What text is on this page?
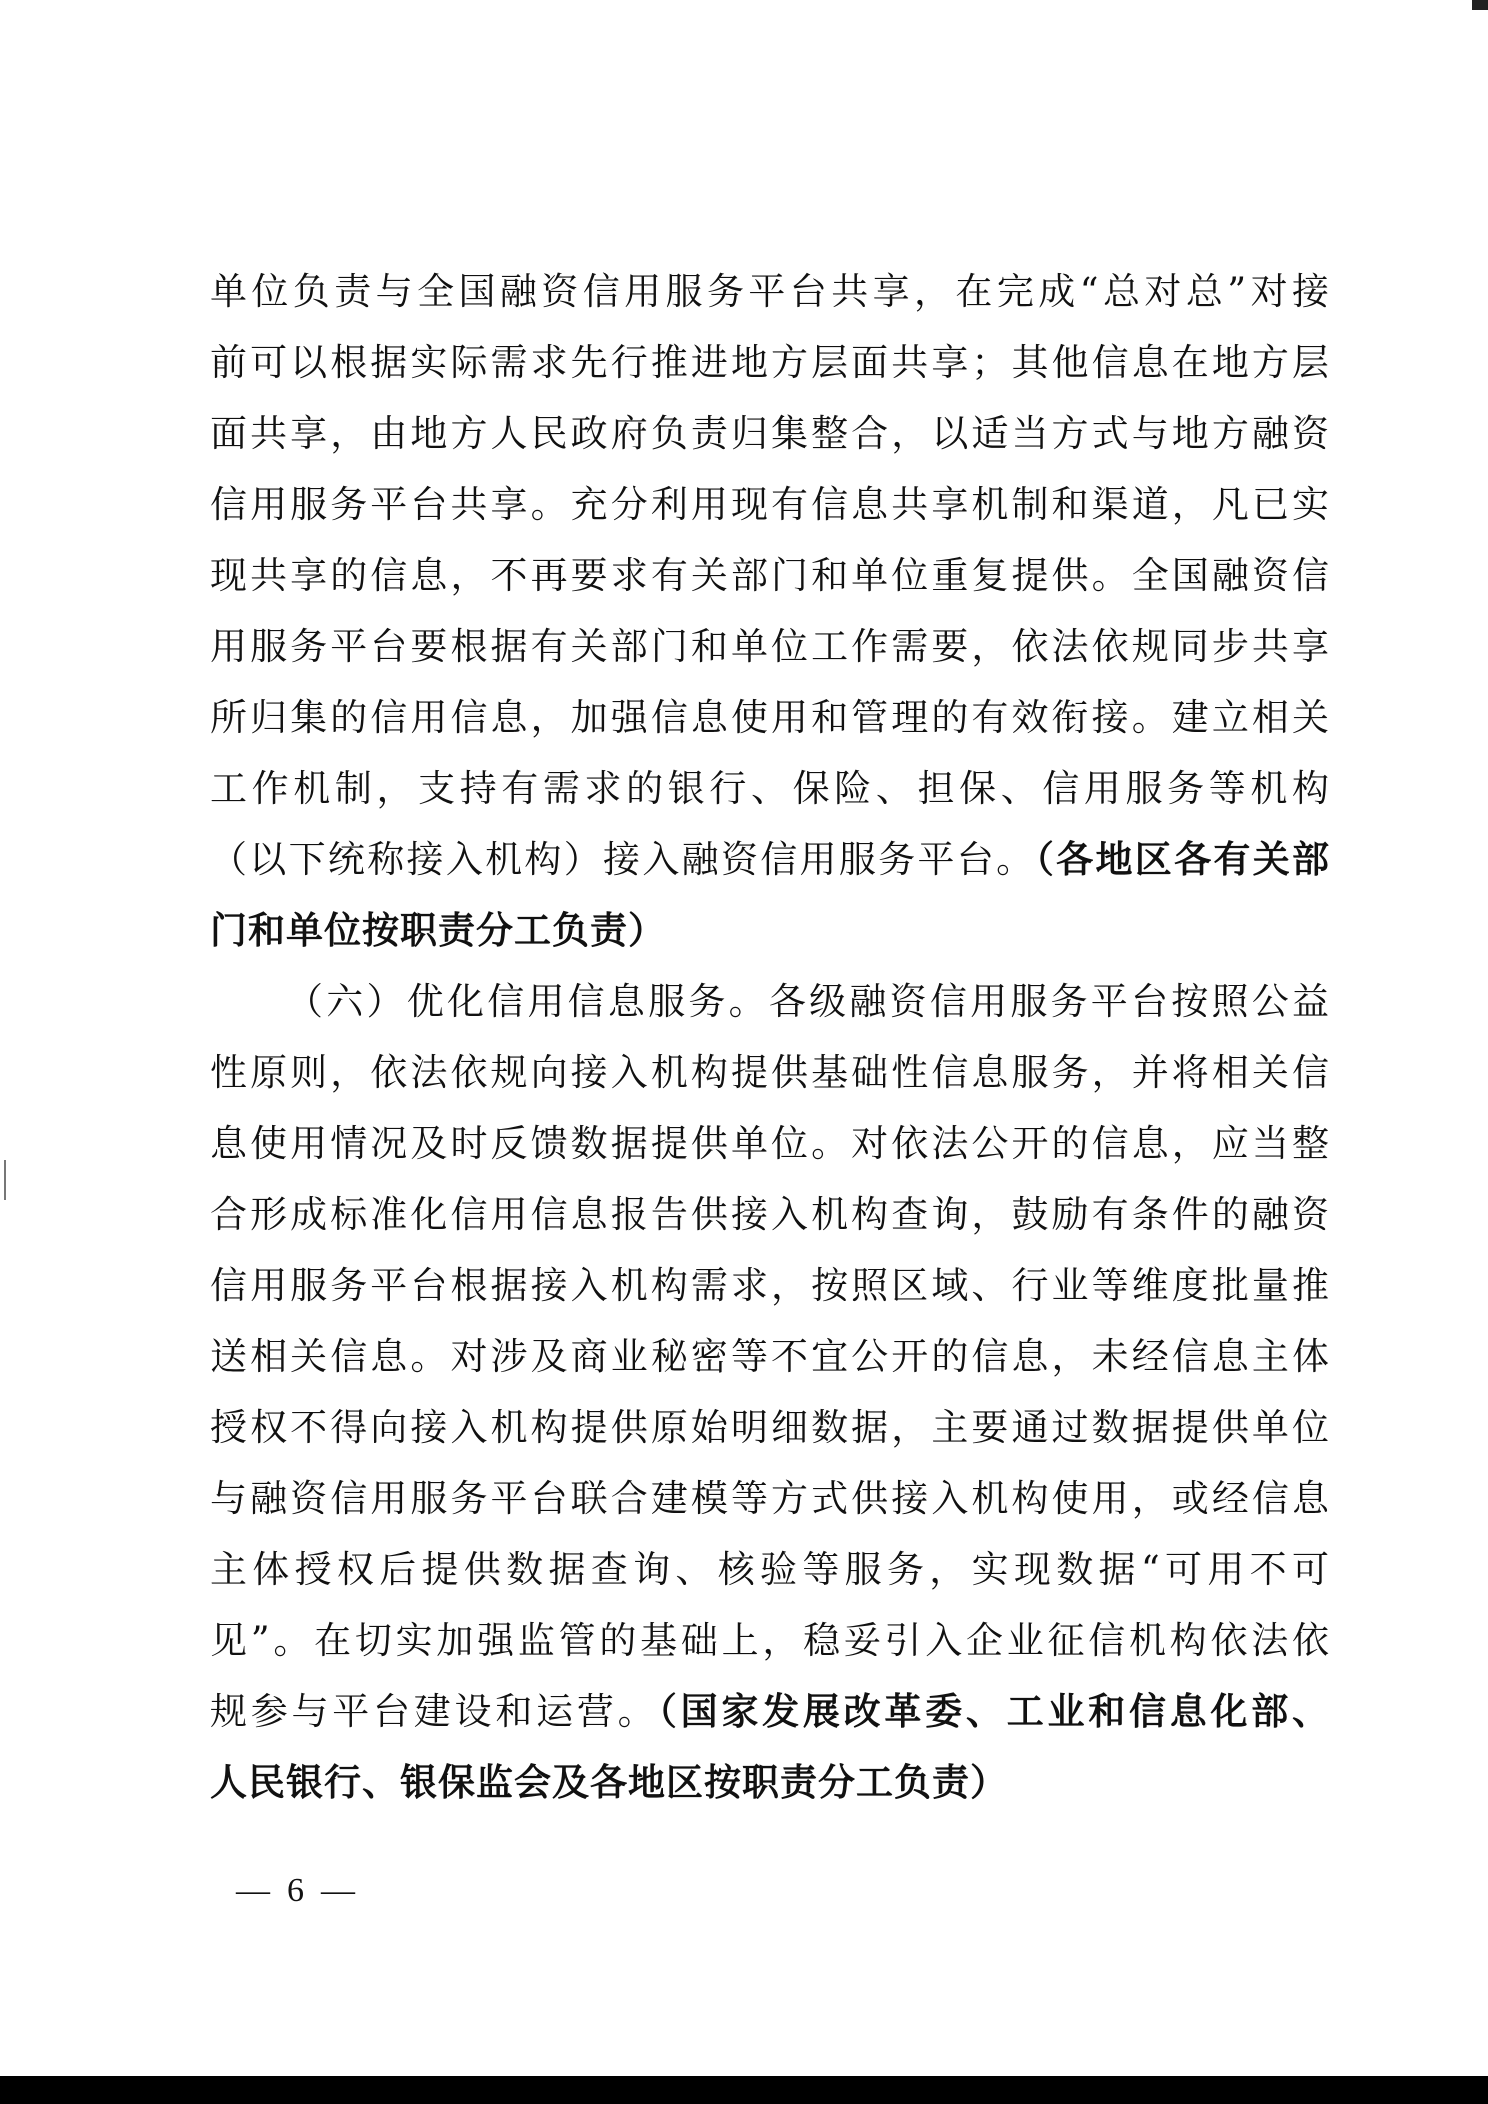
单位负责与全国融资信用服务平台共享，在完成“总对总”对接
前可以根据实际需求先行推进地方层面共享；其他信息在地方层
面共享，由地方人民政府负责归集整合，以适当方式与地方融资
信用服务平台共享。充分利用现有信息共享机制和渠道，凡已实
现共享的信息，不再要求有关部门和单位重复提供。全国融资信
用服务平台要根据有关部门和单位工作需要，依法依规同步共享
所归集的信用信息，加强信息使用和管理的有效衔接。建立相关
工作机制，支持有需求的银行、保险、担保、信用服务等机构
（以下统称接入机构）接入融资信用服务平台。（各地区各有关部
门和单位按职责分工负责）
（六）优化信用信息服务。各级融资信用服务平台按照公益
性原则，依法依规向接入机构提供基础性信息服务，并将相关信
息使用情况及时反馈数据提供单位。对依法公开的信息，应当整
合形成标准化信用信息报告供接入机构查询，鼓励有条件的融资
信用服务平台根据接入机构需求，按照区域、行业等维度批量推
送相关信息。对涉及商业秘密等不宜公开的信息，未经信息主体
授权不得向接入机构提供原始明细数据，主要通过数据提供单位
与融资信用服务平台联合建模等方式供接入机构使用，或经信息
主体授权后提供数据查询、核验等服务，实现数据“可用不可
见”。在切实加强监管的基础上，稳妥引入企业征信机构依法依
规参与平台建设和运营。（国家发展改革委、工业和信息化部、
人民银行、银保监会及各地区按职责分工负责）
—  6  —
